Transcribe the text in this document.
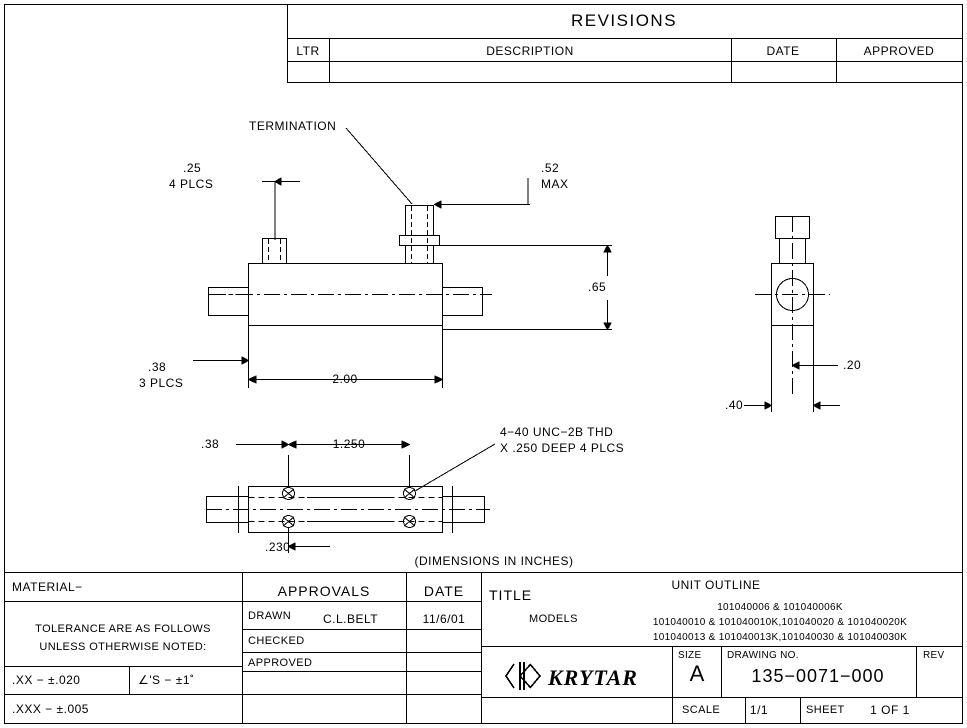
REVISIONS
LTR	DESCRIPTION	DATE	APPROVED
TERMINATION
.25
4 PLCS
.52
MAX
.65
.38
3 PLCS	2.00
.20
.40
.38	1.250
.230
4−40 UNC−2B THD
X .250 DEEP 4 PLCS
(DIMENSIONS IN INCHES)
MATERIAL−
TOLERANCE ARE AS FOLLOWS
UNLESS OTHERWISE NOTED:
.XX − ±.020	∠'S − ±1˚
.XXX − ±.005
APPROVALS	DATE
DRAWN	C.L.BELT	11/6/01
CHECKED
APPROVED
TITLE
UNIT OUTLINE
MODELS
101040006 & 101040006K
101040010 & 101040010K,101040020 & 101040020K
101040013 & 101040013K,101040030 & 101040030K
KRYTAR
SIZE
A
DRAWING NO.
135−0071−000
REV
SCALE 1/1	SHEET 1 OF 1
